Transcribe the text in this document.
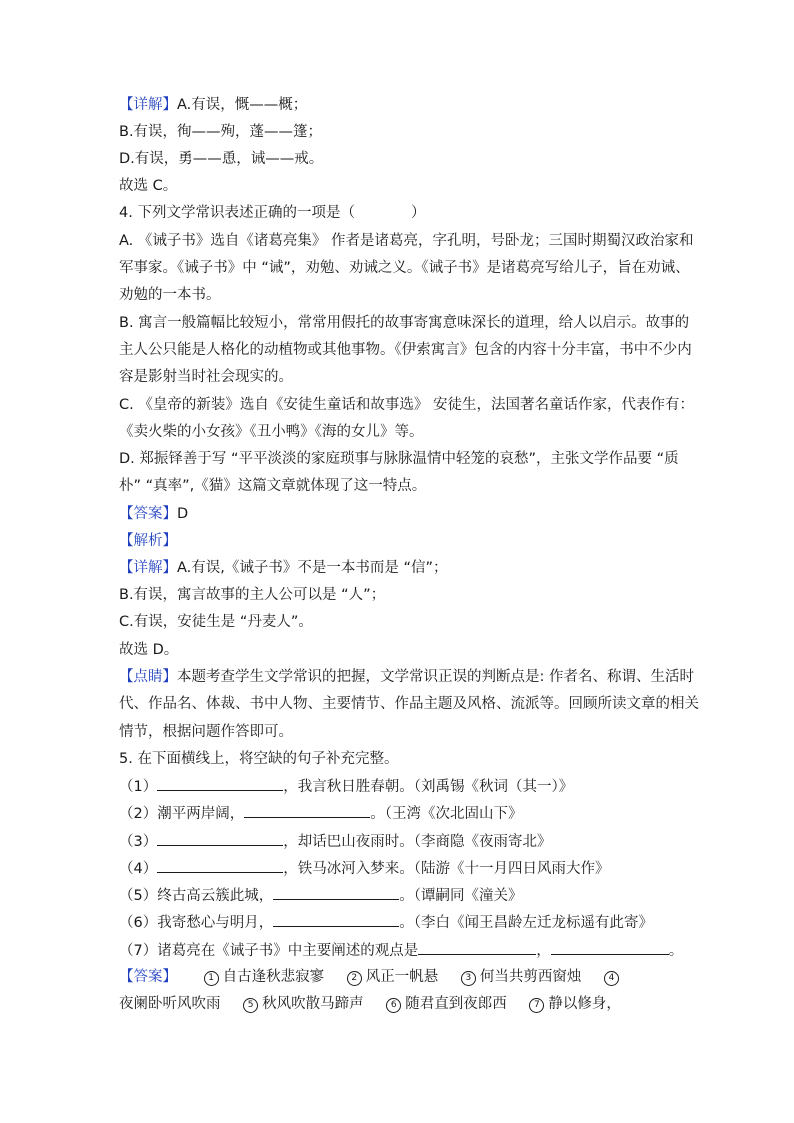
【详解】A.有误，慨——概；
B.有误，徇——殉，蓬——篷；
D.有误，勇——恿，诫——戒。
故选 C。
4. 下列文学常识表述正确的一项是（	）
A. 《诫子书》选自《诸葛亮集》 作者是诸葛亮，字孔明，号卧龙；三国时期蜀汉政治家和
军事家。《诫子书》中 “诫”，劝勉、劝诫之义。《诫子书》是诸葛亮写给儿子，旨在劝诫、
劝勉的一本书。
B. 寓言一般篇幅比较短小，常常用假托的故事寄寓意味深长的道理，给人以启示。故事的
主人公只能是人格化的动植物或其他事物。《伊索寓言》包含的内容十分丰富，书中不少内
容是影射当时社会现实的。
C. 《皇帝的新装》选自《安徒生童话和故事选》 安徒生，法国著名童话作家，代表作有：
《卖火柴的小女孩》《丑小鸭》《海的女儿》等。
D. 郑振铎善于写 “平平淡淡的家庭琐事与脉脉温情中轻笼的哀愁”，主张文学作品要 “质
朴” “真率”,《猫》这篇文章就体现了这一特点。
【答案】D
【解析】
【详解】A.有误,《诫子书》不是一本书而是 “信”；
B.有误，寓言故事的主人公可以是 “人”；
C.有误，安徒生是 “丹麦人”。
故选 D。
【点睛】本题考查学生文学常识的把握，文学常识正误的判断点是: 作者名、称谓、生活时
代、作品名、体裁、书中人物、主要情节、作品主题及风格、流派等。回顾所读文章的相关
情节，根据问题作答即可。
5. 在下面横线上，将空缺的句子补充完整。
（1）	，我言秋日胜春朝。（刘禹锡《秋词（其一）》
（2）潮平两岸阔，	。（王湾《次北固山下》
（3）	，却话巴山夜雨时。（李商隐《夜雨寄北》
（4）	，铁马冰河入梦来。（陆游《十一月四日风雨大作》
（5）终古高云簇此城，	。（谭嗣同《潼关》
（6）我寄愁心与明月，	。（李白《闻王昌龄左迁龙标遥有此寄》
（7）诸葛亮在《诫子书》中主要阐述的观点是	，	。
【答案】	1 自古逢秋悲寂寥	2 风正一帆悬	3 何当共剪西窗烛	4
夜阑卧听风吹雨	5 秋风吹散马蹄声	6 随君直到夜郎西	7 静以修身，
